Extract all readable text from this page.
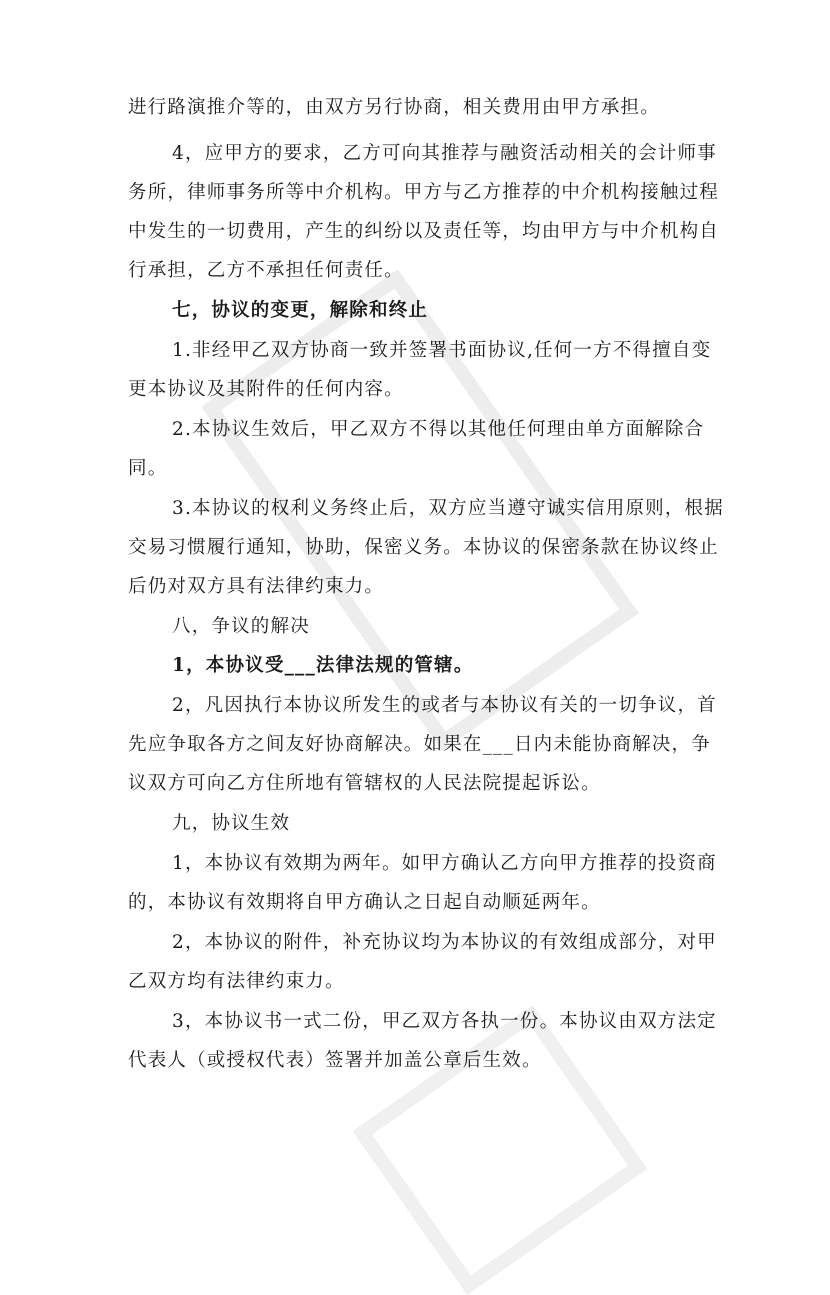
进行路演推介等的，由双方另行协商，相关费用由甲方承担。
4，应甲方的要求，乙方可向其推荐与融资活动相关的会计师事
务所，律师事务所等中介机构。甲方与乙方推荐的中介机构接触过程
中发生的一切费用，产生的纠纷以及责任等，均由甲方与中介机构自
行承担，乙方不承担任何责任。
七，协议的变更，解除和终止
1.非经甲乙双方协商一致并签署书面协议,任何一方不得擅自变
更本协议及其附件的任何内容。
2.本协议生效后，甲乙双方不得以其他任何理由单方面解除合
同。
3.本协议的权利义务终止后，双方应当遵守诚实信用原则，根据
交易习惯履行通知，协助，保密义务。本协议的保密条款在协议终止
后仍对双方具有法律约束力。
八，争议的解决
1，本协议受___法律法规的管辖。
2，凡因执行本协议所发生的或者与本协议有关的一切争议，首
先应争取各方之间友好协商解决。如果在___日内未能协商解决，争
议双方可向乙方住所地有管辖权的人民法院提起诉讼。
九，协议生效
1，本协议有效期为两年。如甲方确认乙方向甲方推荐的投资商
的，本协议有效期将自甲方确认之日起自动顺延两年。
2，本协议的附件，补充协议均为本协议的有效组成部分，对甲
乙双方均有法律约束力。
3，本协议书一式二份，甲乙双方各执一份。本协议由双方法定
代表人（或授权代表）签署并加盖公章后生效。
